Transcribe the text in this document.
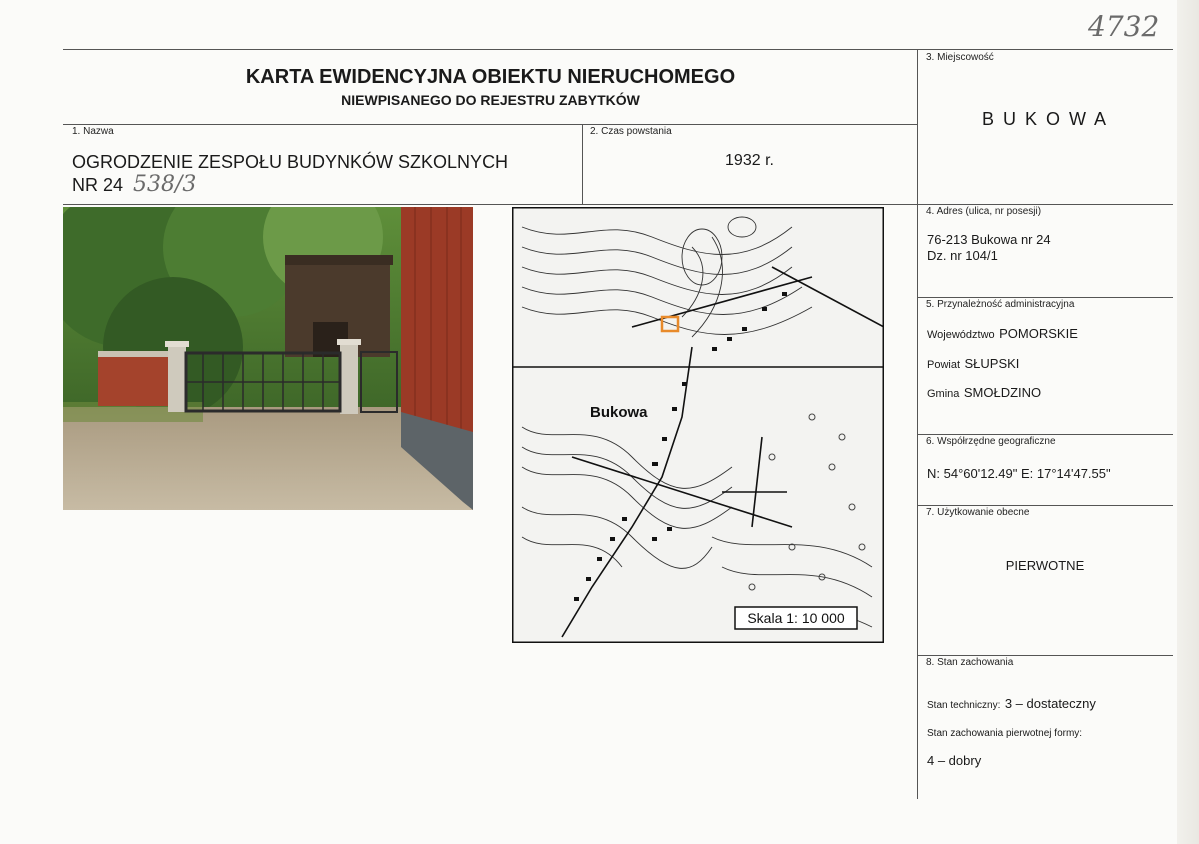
4732
KARTA EWIDENCYJNA OBIEKTU NIERUCHOMEGO
NIEWPISANEGO DO REJESTRU ZABYTKÓW
1. Nazwa
OGRODZENIE ZESPOŁU BUDYNKÓW SZKOLNYCH
NR 24 538/3
2. Czas powstania
1932 r.
3. Miejscowość
B U K O W A
4. Adres (ulica, nr posesji)
76-213 Bukowa nr 24
Dz. nr 104/1
5. Przynależność administracyjna
Województwo POMORSKIE
Powiat SŁUPSKI
Gmina SMOŁDZINO
6. Współrzędne geograficzne
N: 54°60'12.49" E: 17°14'47.55"
7. Użytkowanie obecne
PIERWOTNE
8. Stan zachowania
Stan techniczny: 3 – dostateczny
Stan zachowania pierwotnej formy:
4 – dobry
Bukowa
Skala 1: 10 000
